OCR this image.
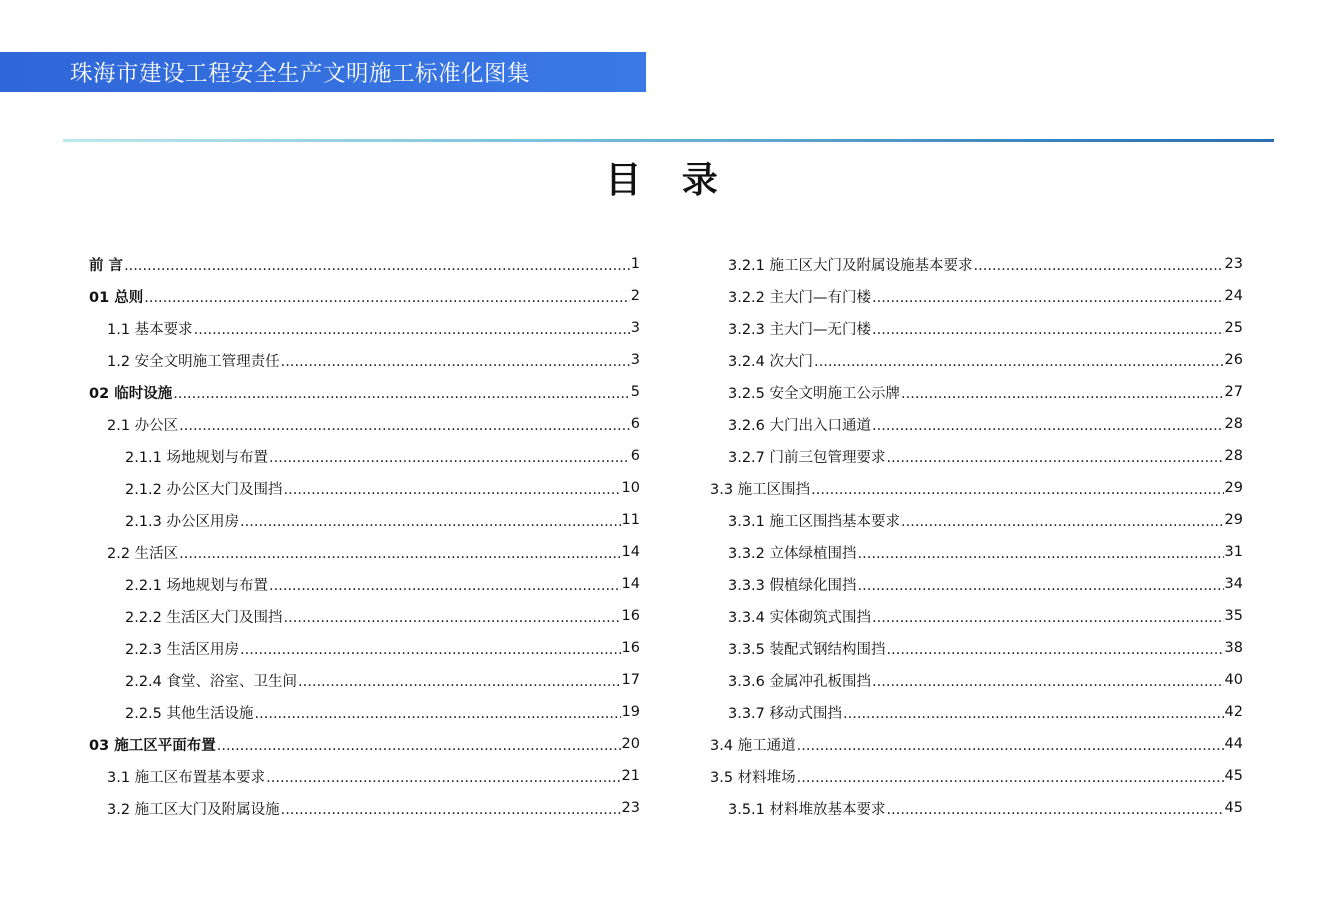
珠海市建设工程安全生产文明施工标准化图集
目 录
前 言 .....	1
01 总则 .....	2
1.1 基本要求 .....	3
1.2 安全文明施工管理责任 .....	3
02 临时设施 .....	5
2.1 办公区 .....	6
2.1.1 场地规划与布置 .....	6
2.1.2 办公区大门及围挡 .....	10
2.1.3 办公区用房 .....	11
2.2 生活区 .....	14
2.2.1 场地规划与布置 .....	14
2.2.2 生活区大门及围挡 .....	16
2.2.3 生活区用房 .....	16
2.2.4 食堂、浴室、卫生间 .....	17
2.2.5 其他生活设施 .....	19
03 施工区平面布置 .....	20
3.1 施工区布置基本要求 .....	21
3.2 施工区大门及附属设施 .....	23
3.2.1 施工区大门及附属设施基本要求 .....	23
3.2.2 主大门—有门楼 .....	24
3.2.3 主大门—无门楼 .....	25
3.2.4 次大门 .....	26
3.2.5 安全文明施工公示牌 .....	27
3.2.6 大门出入口通道 .....	28
3.2.7 门前三包管理要求 .....	28
3.3 施工区围挡 .....	29
3.3.1 施工区围挡基本要求 .....	29
3.3.2 立体绿植围挡 .....	31
3.3.3 假植绿化围挡 .....	34
3.3.4 实体砌筑式围挡 .....	35
3.3.5 装配式钢结构围挡 .....	38
3.3.6 金属冲孔板围挡 .....	40
3.3.7 移动式围挡 .....	42
3.4 施工通道 .....	44
3.5 材料堆场 .....	45
3.5.1 材料堆放基本要求 .....	45
